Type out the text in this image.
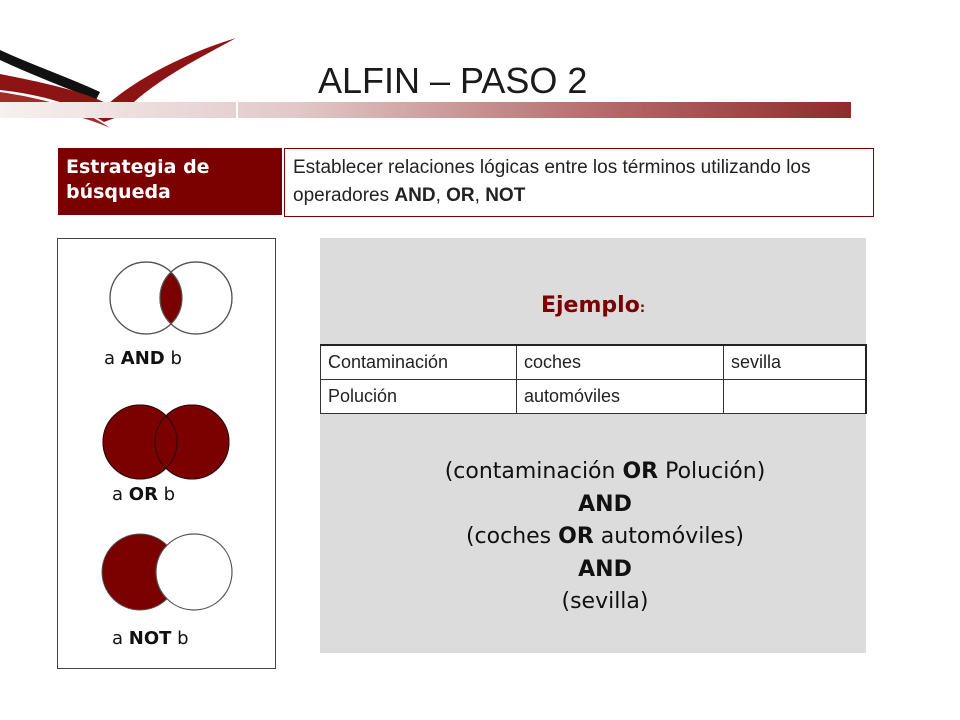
ALFIN – PASO 2
Estrategia de búsqueda
Establecer relaciones lógicas entre los términos utilizando los operadores AND, OR, NOT
a AND b
a OR b
a NOT b
Ejemplo:
Contaminación	coches	sevilla
Polución	automóviles	
(contaminación OR Polución)
AND
(coches OR automóviles)
AND
(sevilla)
